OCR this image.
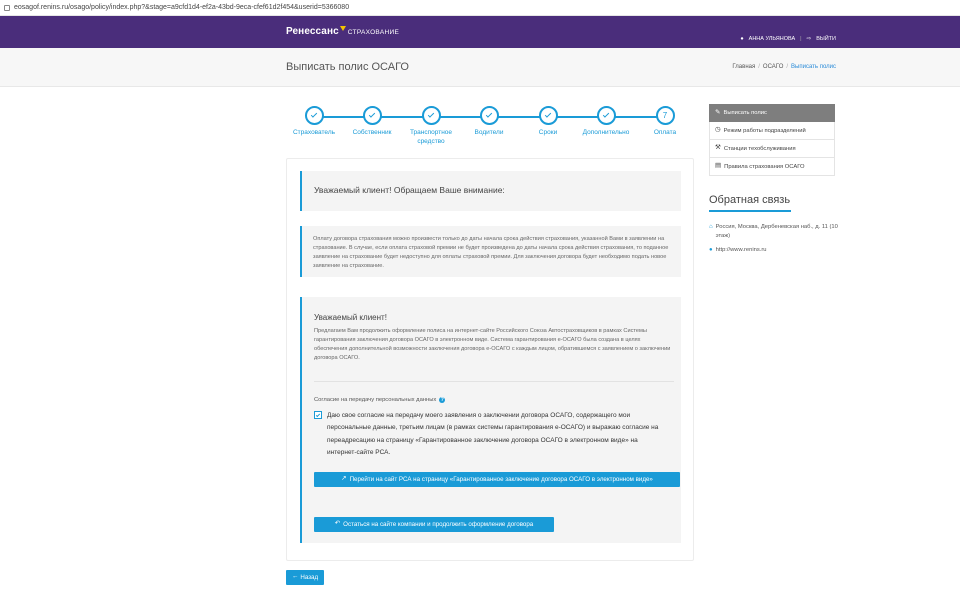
eosagof.renins.ru/osago/policy/index.php?&stage=a9cfd1d4-ef2a-43bd-9eca-cfef61d2f454&userid=5366080
Ренессанс СТРАХОВАНИЕ
● АННА УЛЬЯНОВА | ⇨ ВЫЙТИ
Выписать полис ОСАГО	Главная / ОСАГО / Выписать полис
Страхователь	Собственник	Транспортное средство
Водители	Сроки	Дополнительно
7
Оплата
Уважаемый клиент! Обращаем Ваше внимание:
Оплату договора страхования можно произвести только до даты начала срока действия страхования, указанной Вами в заявлении на страхование. В случае, если оплата страховой премии не будет произведена до даты начала срока действия страхования, то поданное заявление на страхование будет недоступно для оплаты страховой премии. Для заключения договора будет необходимо подать новое заявление на страхование.
Уважаемый клиент!
Предлагаем Вам продолжить оформление полиса на интернет-сайте Российского Союза Автостраховщиков в рамках Системы гарантирования заключения договора ОСАГО в электронном виде. Система гарантирования е-ОСАГО была создана в целях обеспечения дополнительной возможности заключения договора е-ОСАГО с каждым лицом, обратившемся с заявлением о заключении договора ОСАГО.
Согласие на передачу персональных данных ?
Даю свое согласие на передачу моего заявления о заключении договора ОСАГО, содержащего мои персональные данные, третьим лицам (в рамках системы гарантирования е-ОСАГО) и выражаю согласие на переадресацию на страницу «Гарантированное заключение договора ОСАГО в электронном виде» на интернет-сайте РСА.
↗ Перейти на сайт РСА на страницу «Гарантированное заключение договора ОСАГО в электронном виде»
↶ Остаться на сайте компании и продолжить оформление договора
← Назад
✎ Выписать полис
◷ Режим работы подразделений
⚒ Станции техобслуживания
▤ Правила страхования ОСАГО
Обратная связь
⌂ Россия, Москва, Дербеневская наб., д. 11 (10 этаж)
● http://www.renins.ru
